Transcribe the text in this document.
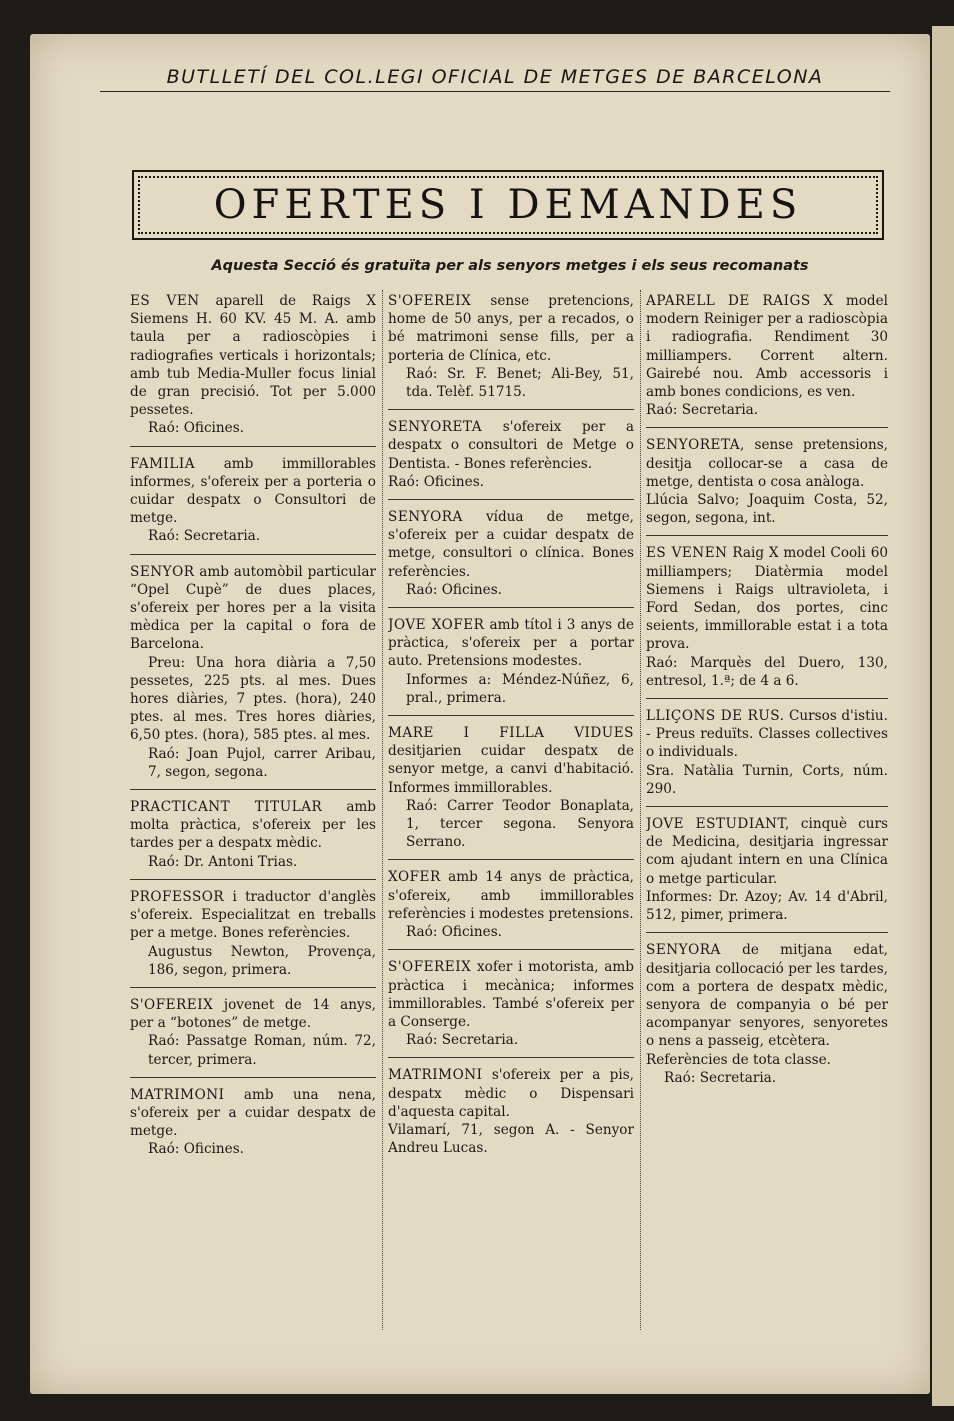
BUTLLETÍ DEL COL.LEGI OFICIAL DE METGES DE BARCELONA
OFERTES I DEMANDES
Aquesta Secció és gratuïta per als senyors metges i els seus recomanats

ES VEN aparell de Raigs X Siemens H. 60 KV. 45 M. A. amb taula per a radioscòpies i radiografies verticals i horizontals; amb tub Media-Muller focus linial de gran precisió. Tot per 5.000 pessetes.

Raó: Oficines.

FAMILIA amb immillorables informes, s'ofereix per a porteria o cuidar despatx o Consultori de metge.

Raó: Secretaria.

SENYOR amb automòbil particular “Opel Cupè” de dues places, s'ofereix per hores per a la visita mèdica per la capital o fora de Barcelona.

Preu: Una hora diària a 7,50 pessetes, 225 pts. al mes. Dues hores diàries, 7 ptes. (hora), 240 ptes. al mes. Tres hores diàries, 6,50 ptes. (hora), 585 ptes. al mes.

Raó: Joan Pujol, carrer Aribau, 7, segon, segona.

PRACTICANT TITULAR amb molta pràctica, s'ofereix per les tardes per a despatx mèdic.

Raó: Dr. Antoni Trias.

PROFESSOR i traductor d'anglès s'ofereix. Especialitzat en treballs per a metge. Bones referències.

Augustus Newton, Provença, 186, segon, primera.

S'OFEREIX jovenet de 14 anys, per a “botones” de metge.

Raó: Passatge Roman, núm. 72, tercer, primera.

MATRIMONI amb una nena, s'ofereix per a cuidar despatx de metge.

Raó: Oficines.

S'OFEREIX sense pretencions, home de 50 anys, per a recados, o bé matrimoni sense fills, per a porteria de Clínica, etc.

Raó: Sr. F. Benet; Ali-Bey, 51, tda. Telèf. 51715.

SENYORETA s'ofereix per a despatx o consultori de Metge o Dentista. - Bones referències.

Raó: Oficines.

SENYORA vídua de metge, s'ofereix per a cuidar despatx de metge, consultori o clínica. Bones referències.

Raó: Oficines.

JOVE XOFER amb títol i 3 anys de pràctica, s'ofereix per a portar auto. Pretensions modestes.

Informes a: Méndez-Núñez, 6, pral., primera.

MARE I FILLA VIDUES desitjarien cuidar despatx de senyor metge, a canvi d'habitació. Informes immillorables.

Raó: Carrer Teodor Bonaplata, 1, tercer segona. Senyora Serrano.

XOFER amb 14 anys de pràctica, s'ofereix, amb immillorables referències i modestes pretensions.

Raó: Oficines.

S'OFEREIX xofer i motorista, amb pràctica i mecànica; informes immillorables. També s'ofereix per a Conserge.

Raó: Secretaria.

MATRIMONI s'ofereix per a pis, despatx mèdic o Dispensari d'aquesta capital.

Vilamarí, 71, segon A. - Senyor Andreu Lucas.

APARELL DE RAIGS X model modern Reiniger per a radioscòpia i radiografia. Rendiment 30 milliampers. Corrent altern. Gairebé nou. Amb accessoris i amb bones condicions, es ven.

Raó: Secretaria.

SENYORETA, sense pretensions, desitja collocar-se a casa de metge, dentista o cosa anàloga.

Llúcia Salvo; Joaquim Costa, 52, segon, segona, int.

ES VENEN Raig X model Cooli 60 milliampers; Diatèrmia model Siemens i Raigs ultravioleta, i Ford Sedan, dos portes, cinc seients, immillorable estat i a tota prova.

Raó: Marquès del Duero, 130, entresol, 1.ª; de 4 a 6.

LLIÇONS DE RUS. Cursos d'istiu. - Preus reduïts. Classes collectives o individuals.

Sra. Natàlia Turnin, Corts, núm. 290.

JOVE ESTUDIANT, cinquè curs de Medicina, desitjaria ingressar com ajudant intern en una Clínica o metge particular.

Informes: Dr. Azoy; Av. 14 d'Abril, 512, pimer, primera.

SENYORA de mitjana edat, desitjaria collocació per les tardes, com a portera de despatx mèdic, senyora de companyia o bé per acompanyar senyores, senyoretes o nens a passeig, etcètera.

Referències de tota classe.

Raó: Secretaria.
